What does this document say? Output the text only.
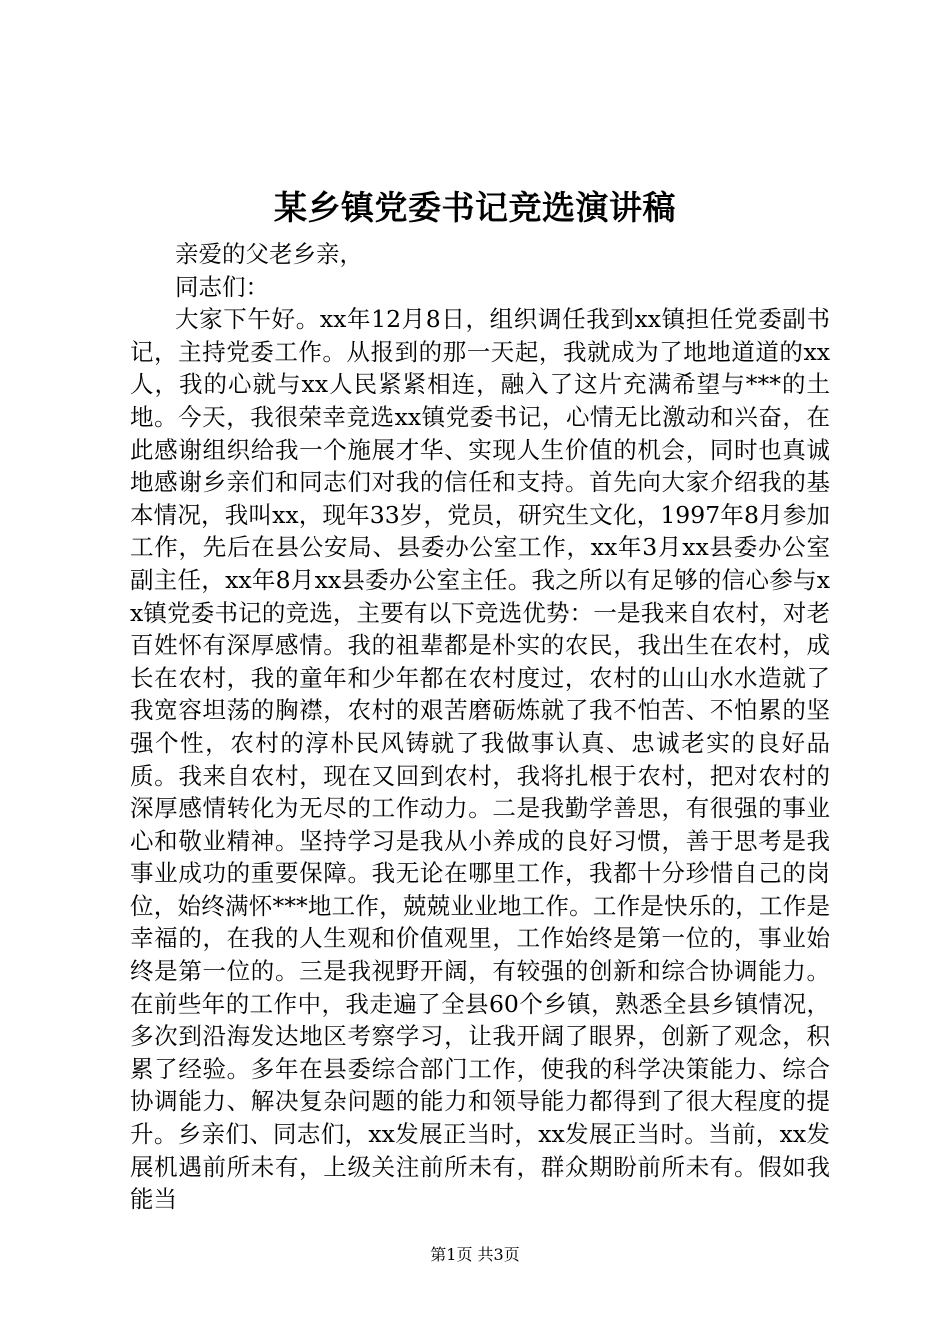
某乡镇党委书记竞选演讲稿

亲爱的父老乡亲，

同志们：

大家下午好。xx年12月8日，组织调任我到xx镇担任党委副书记，主持党委工作。从报到的那一天起，我就成为了地地道道的xx人，我的心就与xx人民紧紧相连，融入了这片充满希望与***的土地。今天，我很荣幸竞选xx镇党委书记，心情无比激动和兴奋，在此感谢组织给我一个施展才华、实现人生价值的机会，同时也真诚地感谢乡亲们和同志们对我的信任和支持。首先向大家介绍我的基本情况，我叫xx，现年33岁，党员，研究生文化，1997年8月参加工作，先后在县公安局、县委办公室工作，xx年3月xx县委办公室副主任，xx年8月xx县委办公室主任。我之所以有足够的信心参与xx镇党委书记的竞选，主要有以下竞选优势：一是我来自农村，对老百姓怀有深厚感情。我的祖辈都是朴实的农民，我出生在农村，成长在农村，我的童年和少年都在农村度过，农村的山山水水造就了我宽容坦荡的胸襟，农村的艰苦磨砺炼就了我不怕苦、不怕累的坚强个性，农村的淳朴民风铸就了我做事认真、忠诚老实的良好品质。我来自农村，现在又回到农村，我将扎根于农村，把对农村的深厚感情转化为无尽的工作动力。二是我勤学善思，有很强的事业心和敬业精神。坚持学习是我从小养成的良好习惯，善于思考是我事业成功的重要保障。我无论在哪里工作，我都十分珍惜自己的岗位，始终满怀***地工作，兢兢业业地工作。工作是快乐的，工作是幸福的，在我的人生观和价值观里，工作始终是第一位的，事业始终是第一位的。三是我视野开阔，有较强的创新和综合协调能力。在前些年的工作中，我走遍了全县60个乡镇，熟悉全县乡镇情况，多次到沿海发达地区考察学习，让我开阔了眼界，创新了观念，积累了经验。多年在县委综合部门工作，使我的科学决策能力、综合协调能力、解决复杂问题的能力和领导能力都得到了很大程度的提升。乡亲们、同志们，xx发展正当时，xx发展正当时。当前，xx发展机遇前所未有，上级关注前所未有，群众期盼前所未有。假如我能当

第1页 共3页
